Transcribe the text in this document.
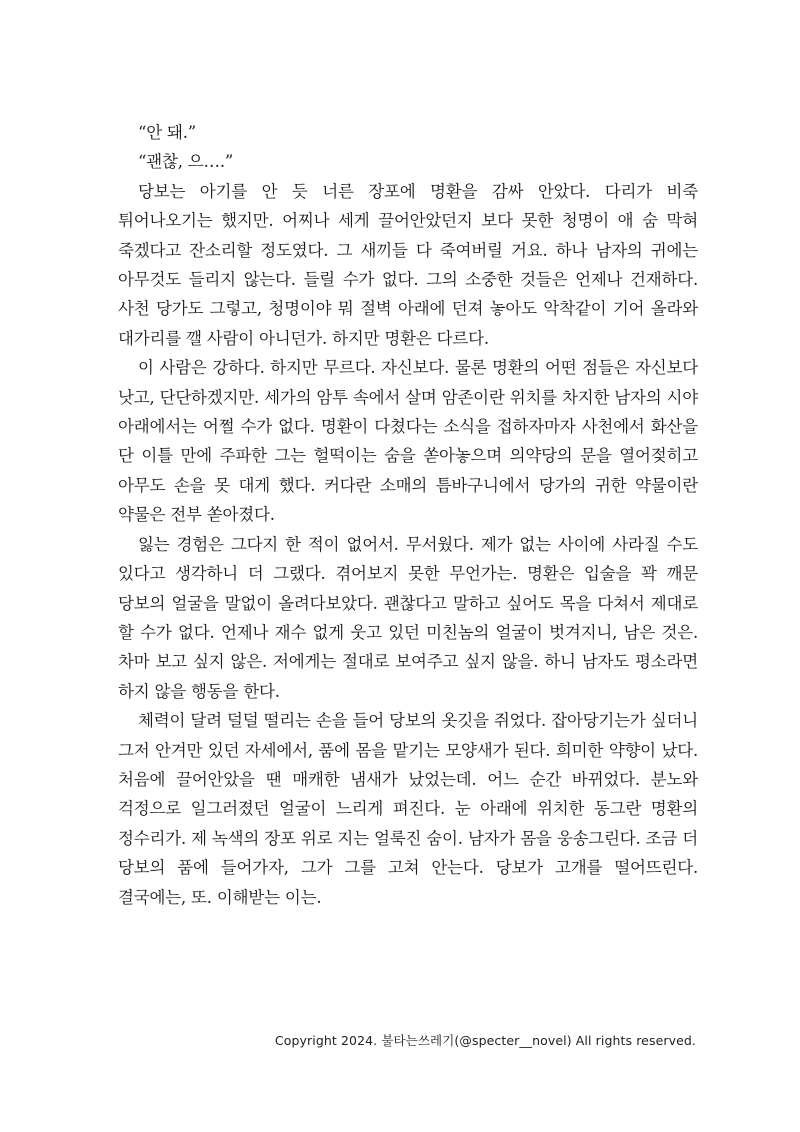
“안 돼.”

“괜찮, 으….”

당보는 아기를 안 듯 너른 장포에 명환을 감싸 안았다. 다리가 비죽 튀어나오기는 했지만. 어찌나 세게 끌어안았던지 보다 못한 청명이 애 숨 막혀 죽겠다고 잔소리할 정도였다. 그 새끼들 다 죽여버릴 거요. 하나 남자의 귀에는 아무것도 들리지 않는다. 들릴 수가 없다. 그의 소중한 것들은 언제나 건재하다. 사천 당가도 그렇고, 청명이야 뭐 절벽 아래에 던져 놓아도 악착같이 기어 올라와 대가리를 깰 사람이 아니던가. 하지만 명환은 다르다.

이 사람은 강하다. 하지만 무르다. 자신보다. 물론 명환의 어떤 점들은 자신보다 낫고, 단단하겠지만. 세가의 암투 속에서 살며 암존이란 위치를 차지한 남자의 시야 아래에서는 어쩔 수가 없다. 명환이 다쳤다는 소식을 접하자마자 사천에서 화산을 단 이틀 만에 주파한 그는 헐떡이는 숨을 쏟아놓으며 의약당의 문을 열어젖히고 아무도 손을 못 대게 했다. 커다란 소매의 틈바구니에서 당가의 귀한 약물이란 약물은 전부 쏟아졌다.

잃는 경험은 그다지 한 적이 없어서. 무서웠다. 제가 없는 사이에 사라질 수도 있다고 생각하니 더 그랬다. 겪어보지 못한 무언가는. 명환은 입술을 꽉 깨문 당보의 얼굴을 말없이 올려다보았다. 괜찮다고 말하고 싶어도 목을 다쳐서 제대로 할 수가 없다. 언제나 재수 없게 웃고 있던 미친놈의 얼굴이 벗겨지니, 남은 것은. 차마 보고 싶지 않은. 저에게는 절대로 보여주고 싶지 않을. 하니 남자도 평소라면 하지 않을 행동을 한다.

체력이 달려 덜덜 떨리는 손을 들어 당보의 옷깃을 쥐었다. 잡아당기는가 싶더니 그저 안겨만 있던 자세에서, 품에 몸을 맡기는 모양새가 된다. 희미한 약향이 났다. 처음에 끌어안았을 땐 매캐한 냄새가 났었는데. 어느 순간 바뀌었다. 분노와 걱정으로 일그러졌던 얼굴이 느리게 펴진다. 눈 아래에 위치한 동그란 명환의 정수리가. 제 녹색의 장포 위로 지는 얼룩진 숨이. 남자가 몸을 웅송그린다. 조금 더 당보의 품에 들어가자, 그가 그를 고쳐 안는다. 당보가 고개를 떨어뜨린다. 결국에는, 또. 이해받는 이는.

Copyright 2024. 불타는쓰레기(@specter__novel) All rights reserved.
